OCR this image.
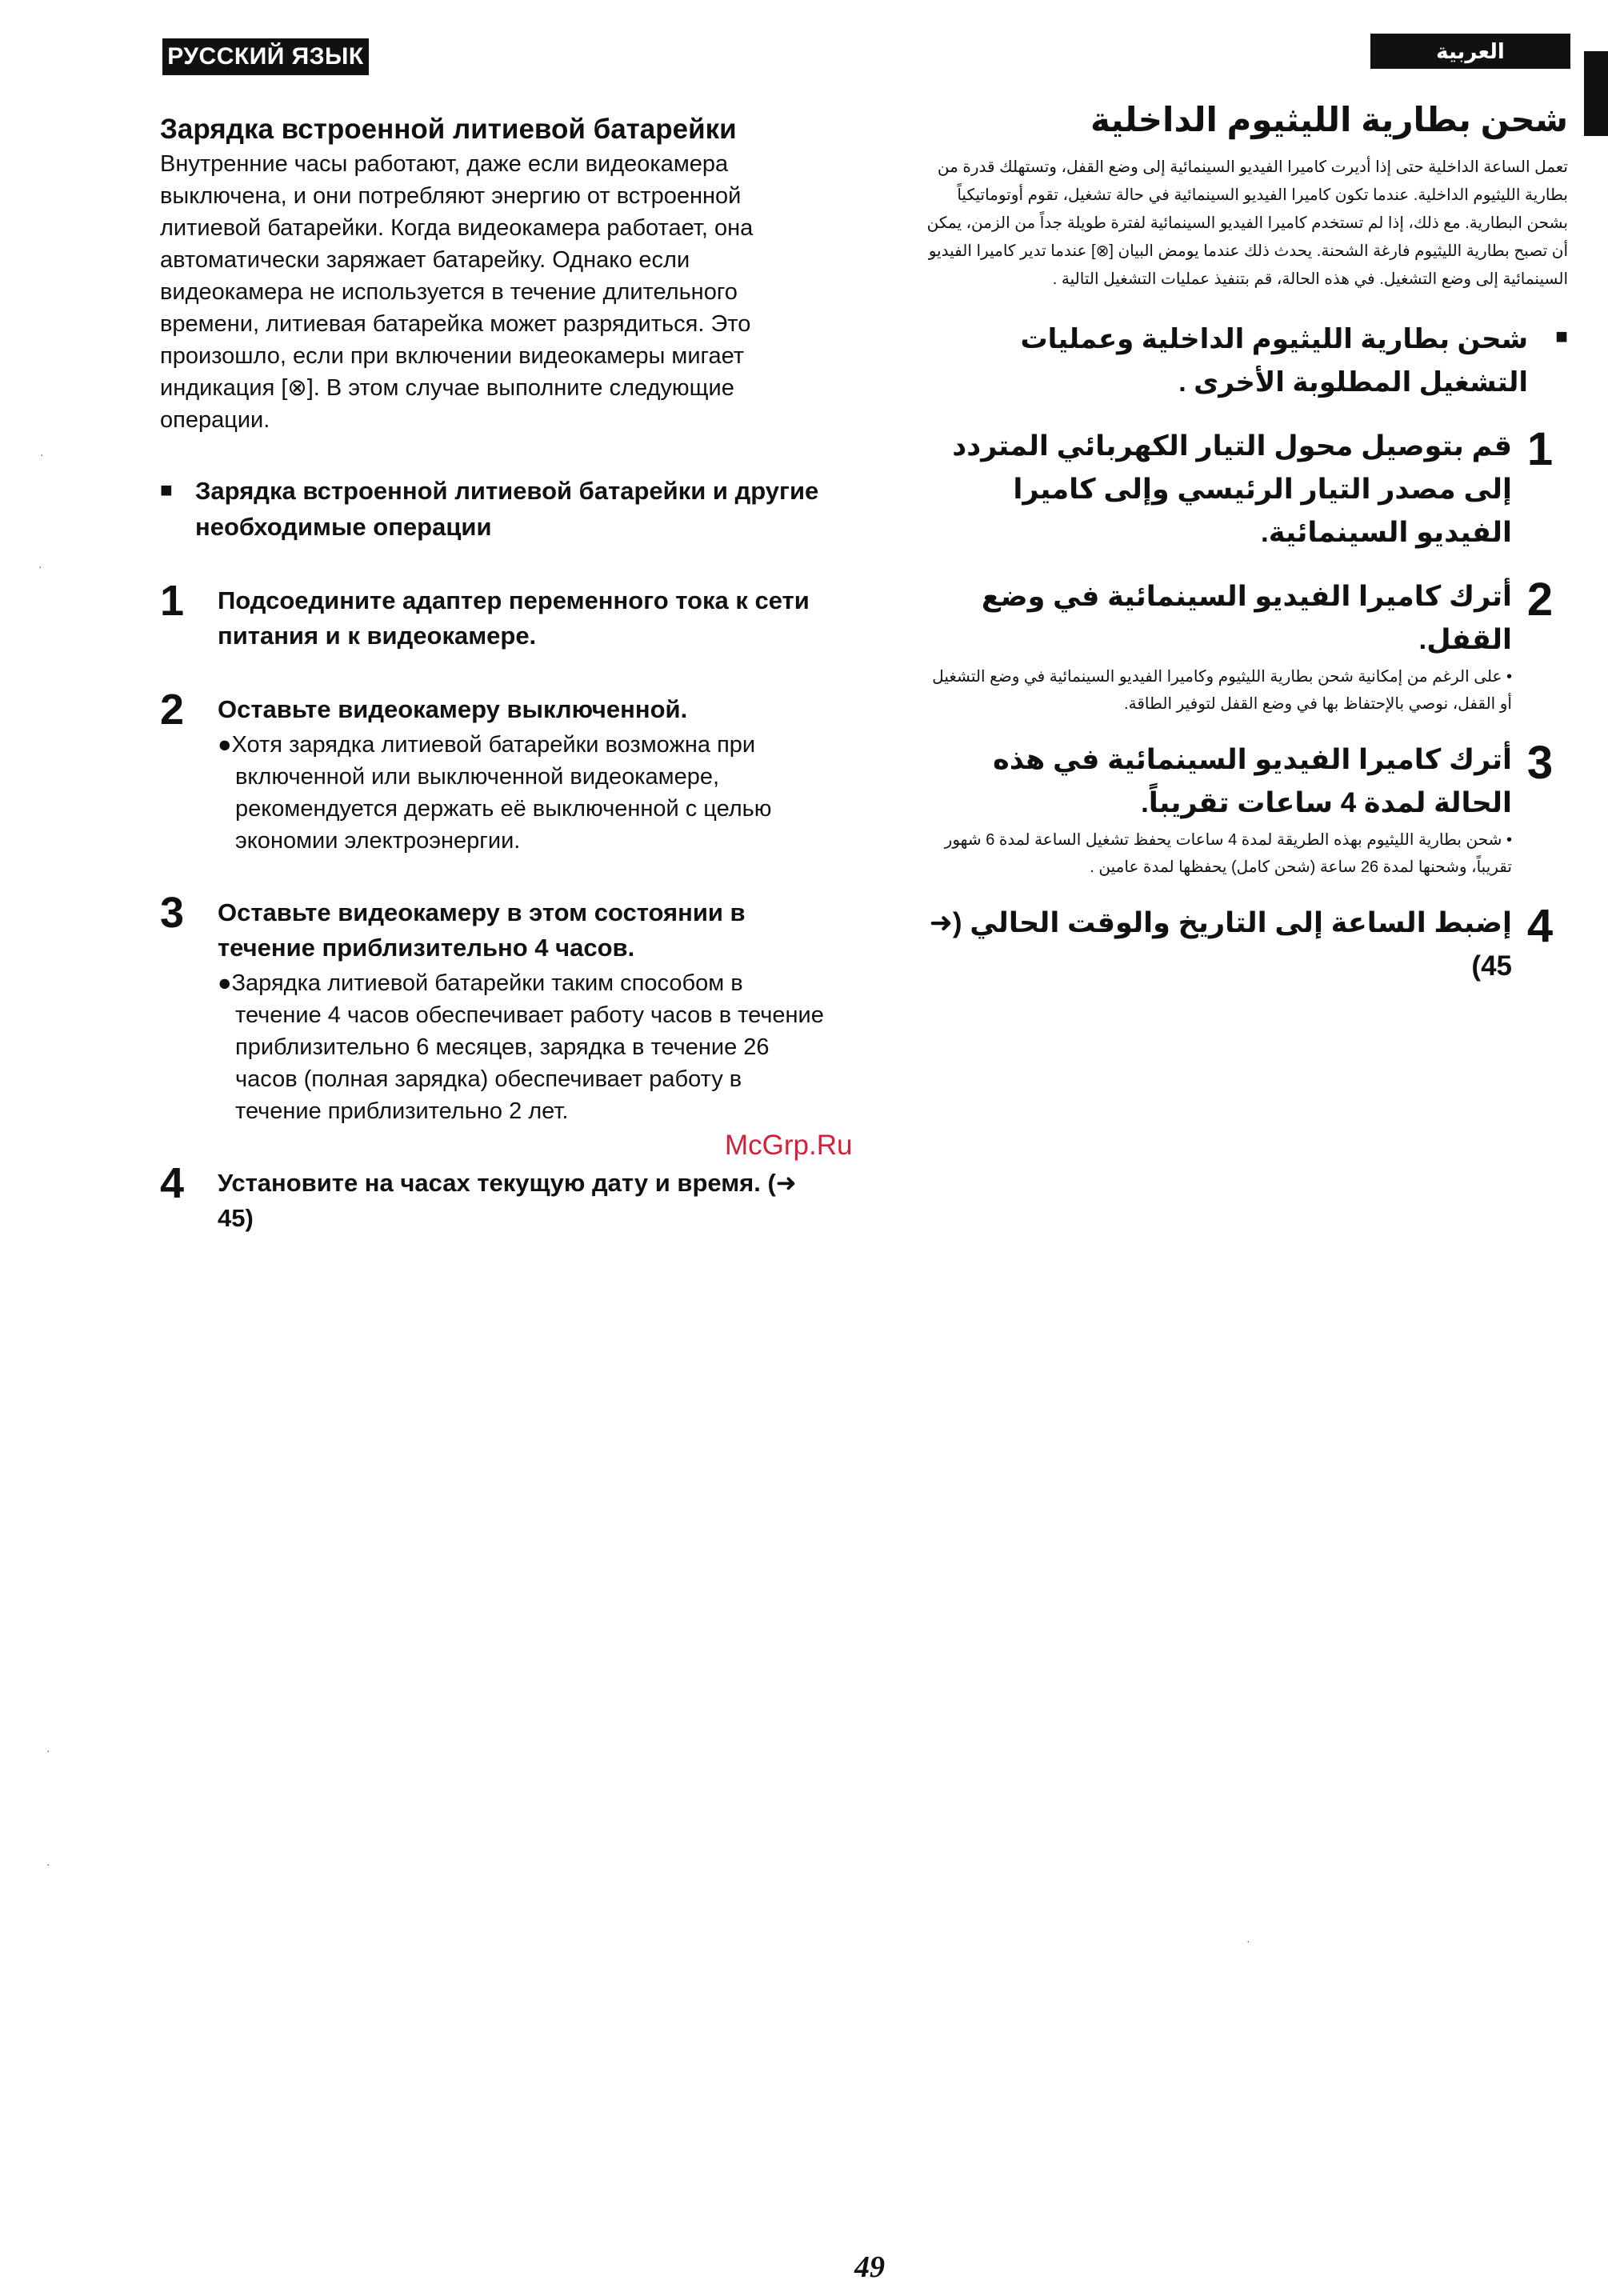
РУССКИЙ ЯЗЫК	العربية
Зарядка встроенной литиевой батарейки

Внутренние часы работают, даже если видеокамера выключена, и они потребляют энергию от встроенной литиевой батарейки. Когда видеокамера работает, она автоматически заряжает батарейку. Однако если видеокамера не используется в течение длительного времени, литиевая батарейка может разрядиться. Это произошло, если при включении видеокамеры мигает индикация [⊗]. В этом случае выполните следующие операции.

■ Зарядка встроенной литиевой батарейки и другие необходимые операции
1	Подсоедините адаптер переменного тока к сети питания и к видеокамере.
2	Оставьте видеокамеру выключенной.
●Хотя зарядка литиевой батарейки возможна при включенной или выключенной видеокамере, рекомендуется держать её выключенной с целью экономии электроэнергии.
3	Оставьте видеокамеру в этом состоянии в течение приблизительно 4 часов.
●Зарядка литиевой батарейки таким способом в течение 4 часов обеспечивает работу часов в течение приблизительно 6 месяцев, зарядка в течение 26 часов (полная зарядка) обеспечивает работу в течение приблизительно 2 лет.
4	Установите на часах текущую дату и время. (➜ 45)
شحن بطارية الليثيوم الداخلية
تعمل الساعة الداخلية حتى إذا أديرت كاميرا الفيديو السينمائية إلى وضع القفل، وتستهلك قدرة من بطارية الليثيوم الداخلية. عندما تكون كاميرا الفيديو السينمائية في حالة تشغيل، تقوم أوتوماتيكياً بشحن البطارية. مع ذلك، إذا لم تستخدم كاميرا الفيديو السينمائية لفترة طويلة جداً من الزمن، يمكن أن تصبح بطارية الليثيوم فارغة الشحنة. يحدث ذلك عندما يومض البيان [⊗] عندما تدير كاميرا الفيديو السينمائية إلى وضع التشغيل. في هذه الحالة، قم بتنفيذ عمليات التشغيل التالية .
■
شحن بطارية الليثيوم الداخلية وعمليات التشغيل المطلوبة الأخرى .
1
قم بتوصيل محول التيار الكهربائي المتردد إلى مصدر التيار الرئيسي وإلى كاميرا الفيديو السينمائية.
2
أترك كاميرا الفيديو السينمائية في وضع القفل.
• على الرغم من إمكانية شحن بطارية الليثيوم وكاميرا الفيديو السينمائية في وضع التشغيل أو القفل، نوصي بالإحتفاظ بها في وضع القفل لتوفير الطاقة.
3
أترك كاميرا الفيديو السينمائية في هذه الحالة لمدة 4 ساعات تقريباً.
• شحن بطارية الليثيوم بهذه الطريقة لمدة 4 ساعات يحفظ تشغيل الساعة لمدة 6 شهور تقريباً، وشحنها لمدة 26 ساعة (شحن كامل) يحفظها لمدة عامين .
4
إضبط الساعة إلى التاريخ والوقت الحالي (➜ 45)
McGrp.Ru
49
·
·
·
·
·
